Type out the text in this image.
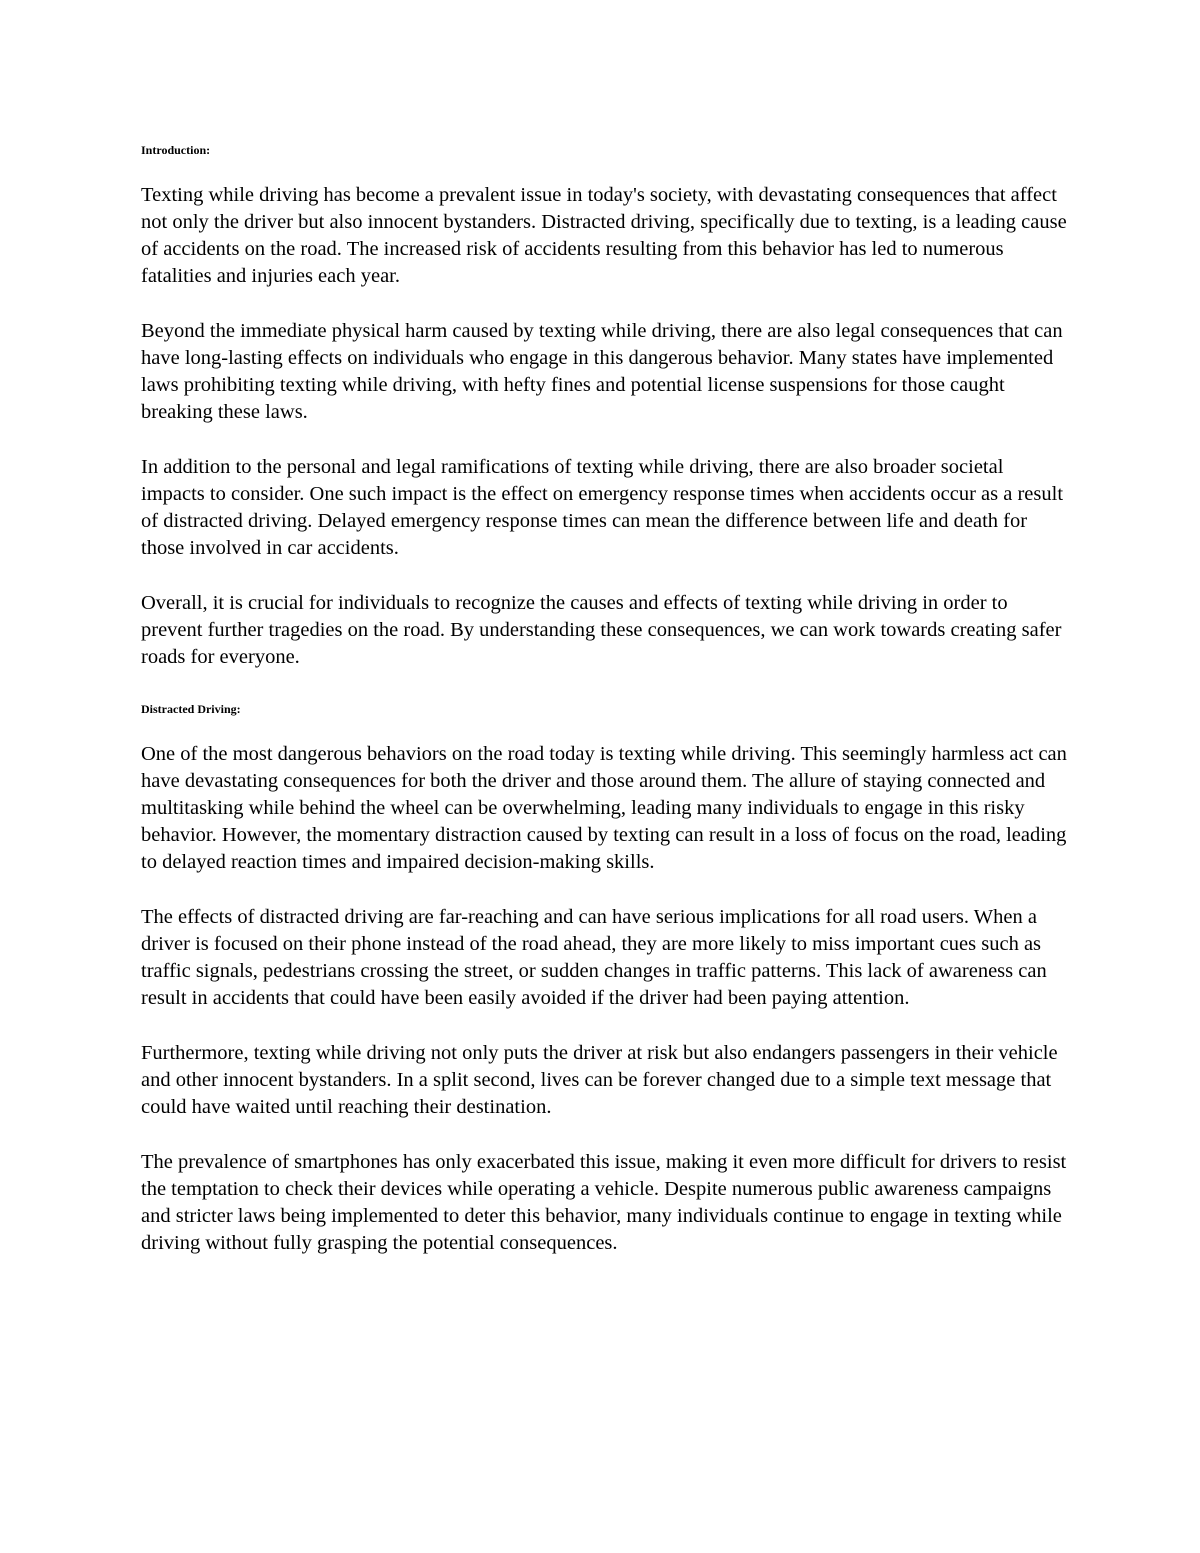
Introduction:

Texting while driving has become a prevalent issue in today's society, with devastating consequences that affect not only the driver but also innocent bystanders. Distracted driving, specifically due to texting, is a leading cause of accidents on the road. The increased risk of accidents resulting from this behavior has led to numerous fatalities and injuries each year.

Beyond the immediate physical harm caused by texting while driving, there are also legal consequences that can have long-lasting effects on individuals who engage in this dangerous behavior. Many states have implemented laws prohibiting texting while driving, with hefty fines and potential license suspensions for those caught breaking these laws.

In addition to the personal and legal ramifications of texting while driving, there are also broader societal impacts to consider. One such impact is the effect on emergency response times when accidents occur as a result of distracted driving. Delayed emergency response times can mean the difference between life and death for those involved in car accidents.

Overall, it is crucial for individuals to recognize the causes and effects of texting while driving in order to prevent further tragedies on the road. By understanding these consequences, we can work towards creating safer roads for everyone.

Distracted Driving:

One of the most dangerous behaviors on the road today is texting while driving. This seemingly harmless act can have devastating consequences for both the driver and those around them. The allure of staying connected and multitasking while behind the wheel can be overwhelming, leading many individuals to engage in this risky behavior. However, the momentary distraction caused by texting can result in a loss of focus on the road, leading to delayed reaction times and impaired decision-making skills.

The effects of distracted driving are far-reaching and can have serious implications for all road users. When a driver is focused on their phone instead of the road ahead, they are more likely to miss important cues such as traffic signals, pedestrians crossing the street, or sudden changes in traffic patterns. This lack of awareness can result in accidents that could have been easily avoided if the driver had been paying attention.

Furthermore, texting while driving not only puts the driver at risk but also endangers passengers in their vehicle and other innocent bystanders. In a split second, lives can be forever changed due to a simple text message that could have waited until reaching their destination.

The prevalence of smartphones has only exacerbated this issue, making it even more difficult for drivers to resist the temptation to check their devices while operating a vehicle. Despite numerous public awareness campaigns and stricter laws being implemented to deter this behavior, many individuals continue to engage in texting while driving without fully grasping the potential consequences.
